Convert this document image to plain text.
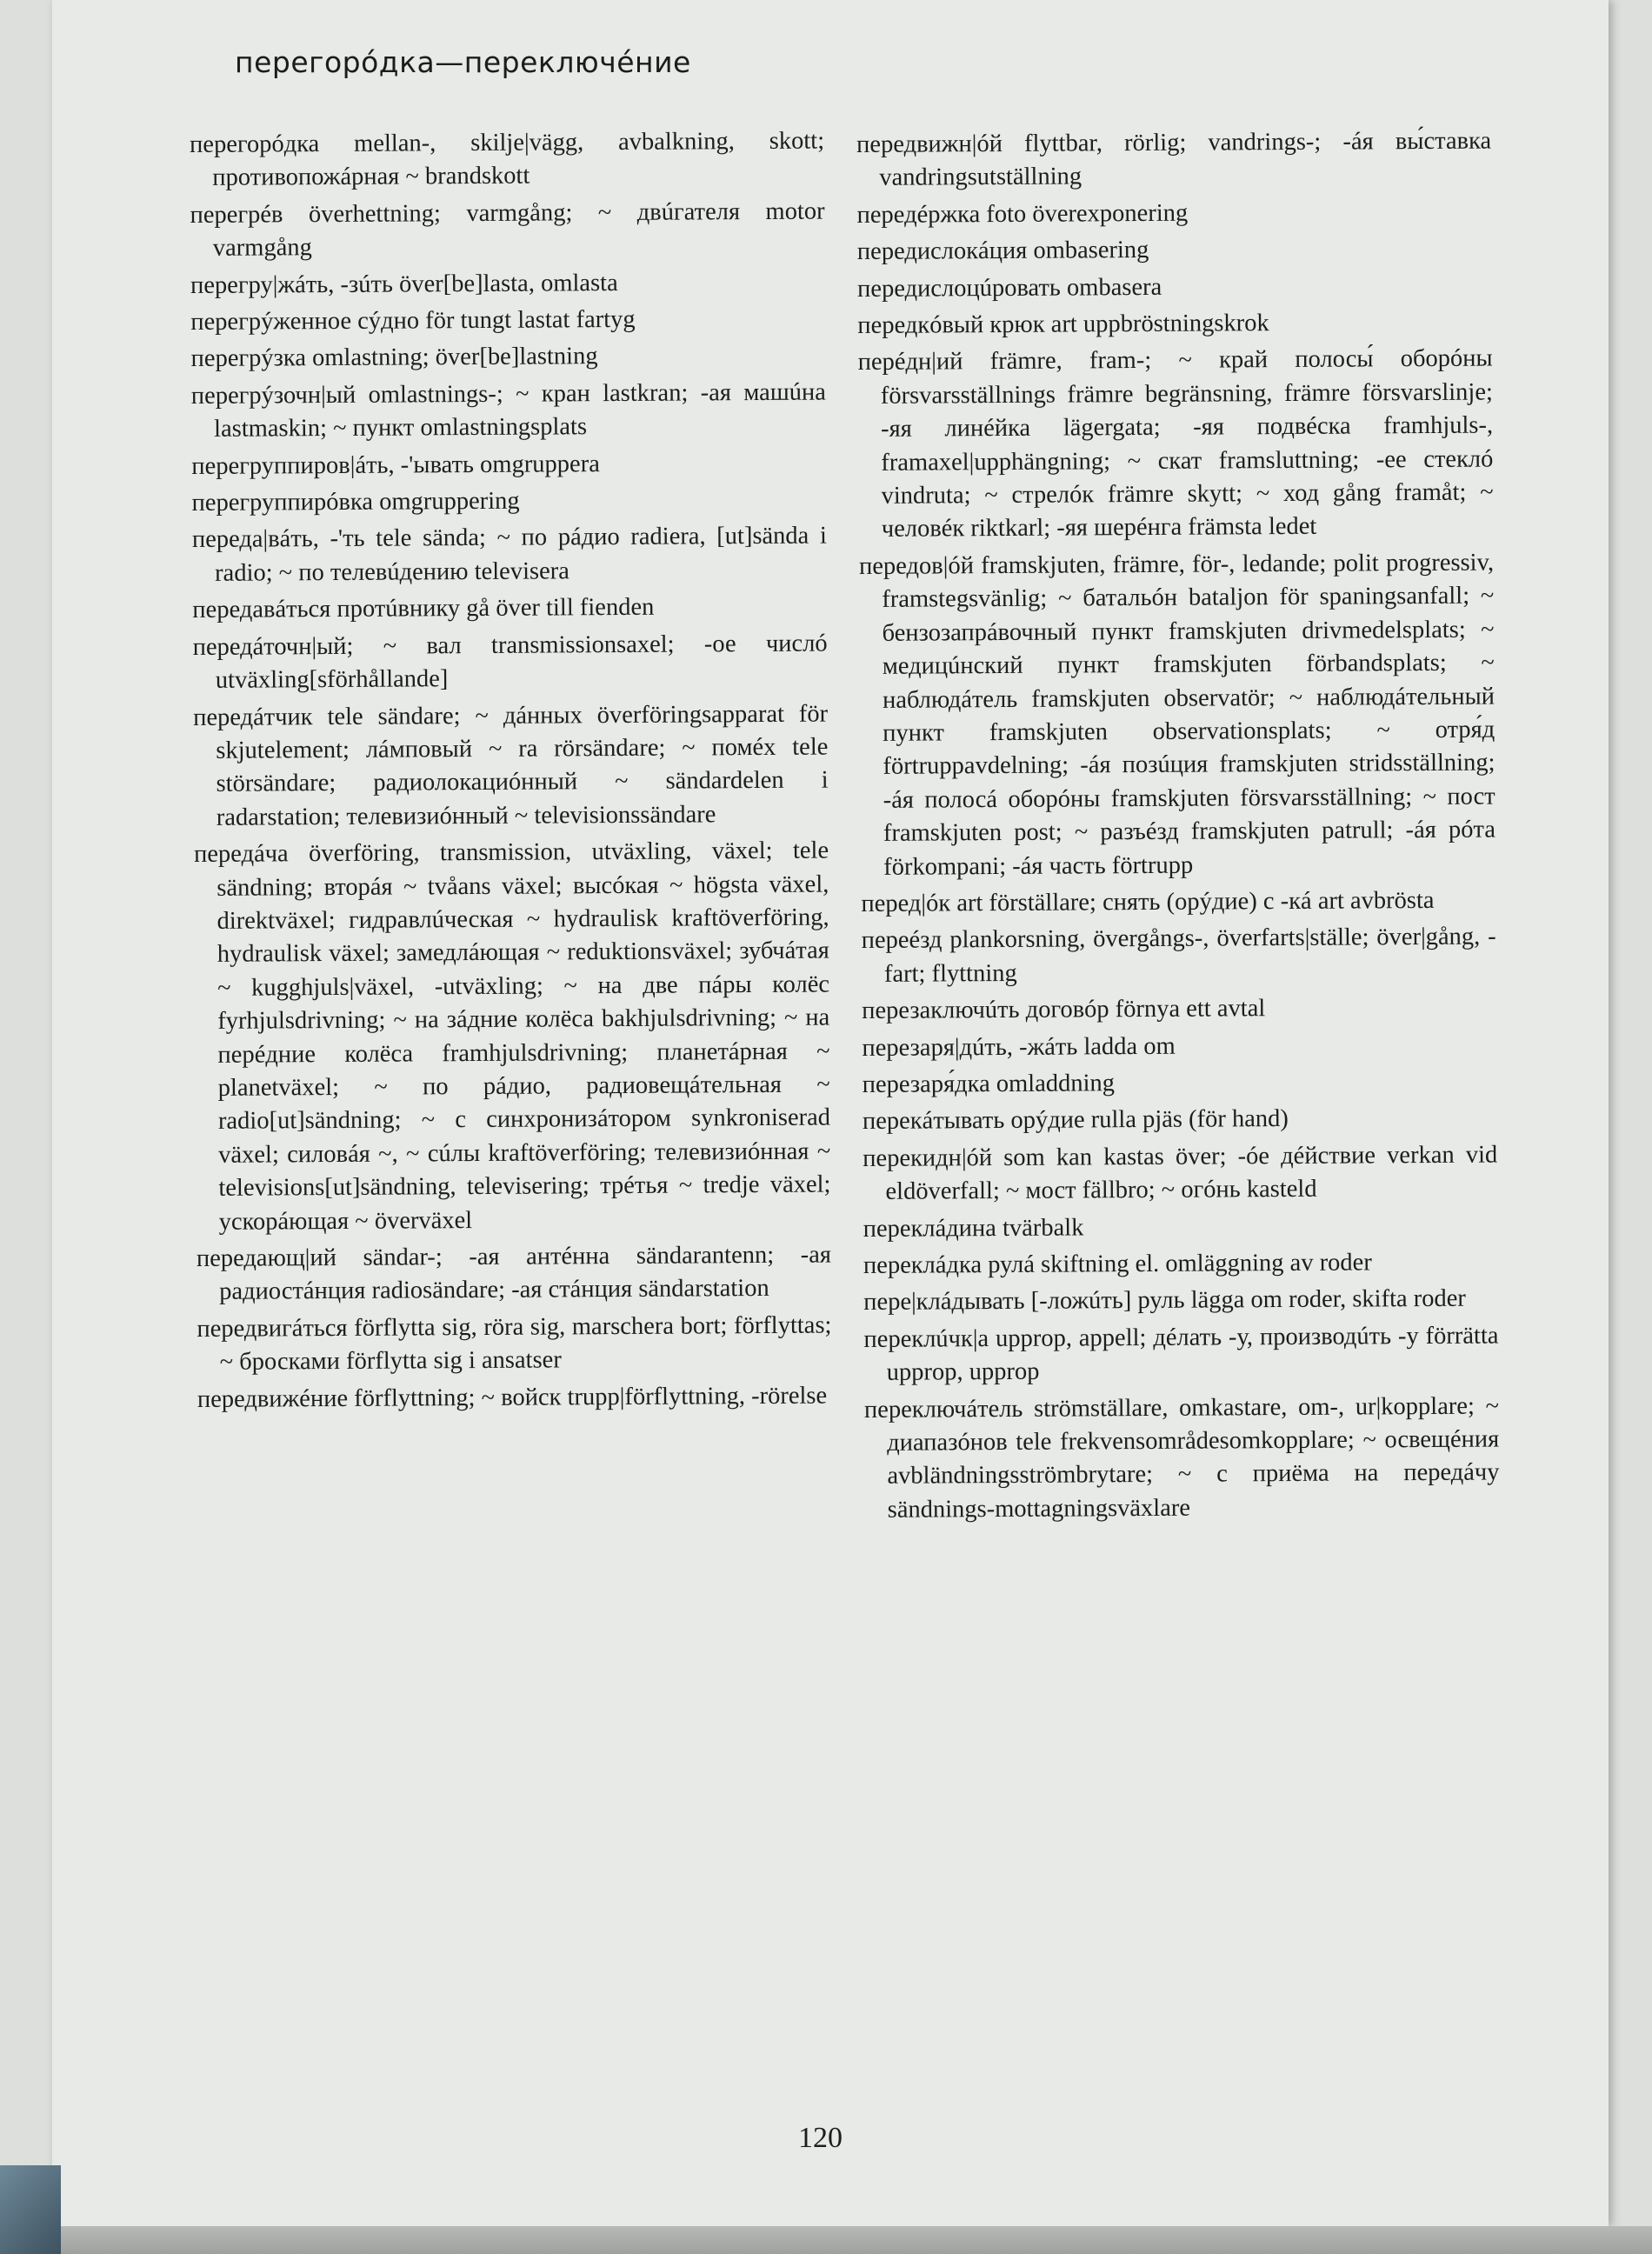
перегорóдка—переключéние

перегорóдка mellan-, skilje|vägg, avbalkning, skott; противопожáрная ~ brandskott

перегрéв överhettning; varmgång; ~ двúгателя motor varmgång

перегру|жáть, -зúть över[be]lasta, omlasta

перегрýженное сýдно för tungt lastat fartyg

перегрýзка omlastning; över[be]lastning

перегрýзочн|ый omlastnings-; ~ кран lastkran; -ая машúна lastmaskin; ~ пункт omlastningsplats

перегруппиров|áть, -'ывать omgruppera

перегруппирóвка omgruppering

переда|вáть, -'ть tele sända; ~ по рáдио radiera, [ut]sända i radio; ~ по телевúдению televisera

передавáться протúвнику gå över till fienden

передáточн|ый; ~ вал transmissionsaxel; -ое числó utväxling[sförhållande]

передáтчик tele sändare; ~ дáнных överföringsapparat för skjutelement; лáмповый ~ ra rörsändare; ~ помéх tele störsändare; радиолокациóнный ~ sändardelen i radarstation; телевизиóнный ~ televisionssändare

передáча överföring, transmission, utväxling, växel; tele sändning; вторáя ~ tvåans växel; высóкая ~ högsta växel, direktväxel; гидравлúческая ~ hydraulisk kraftöverföring, hydraulisk växel; замедлáющая ~ reduktionsväxel; зубчáтая ~ kugghjuls|växel, -utväxling; ~ на две пáры колёс fyrhjulsdrivning; ~ на зáдние колёса bakhjulsdrivning; ~ на перéдние колёса framhjulsdrivning; планетáрная ~ planetväxel; ~ по рáдио, радиовещáтельная ~ radio[ut]sändning; ~ с синхронизáтором synkroniserad växel; силовáя ~, ~ сúлы kraftöverföring; телевизиóнная ~ televisions[ut]sändning, televisering; трéтья ~ tredje växel; ускорáющая ~ överväxel

передающ|ий sändar-; -ая антéнна sändarantenn; -ая радиостáнция radiosändare; -ая стáнция sändarstation

передвигáться förflytta sig, röra sig, marschera bort; förflyttas; ~ бросками förflytta sig i ansatser

передвижéние förflyttning; ~ войск trupp|förflyttning, -rörelse

передвижн|óй flyttbar, rörlig; vandrings-; -áя вы́ставка vandringsutställning

передéржка foto överexponering

передислокáция ombasering

передислоцúровать ombasera

передкóвый крюк art uppbröstningskrok

перéдн|ий främre, fram-; ~ край полосы́ оборóны försvarsställnings främre begränsning, främre försvarslinje; -яя линéйка lägergata; -яя подвéска framhjuls-, framaxel|upphängning; ~ скат framsluttning; -ее стеклó vindruta; ~ стрелóк främre skytt; ~ ход gång framåt; ~ человéк riktkarl; -яя шерéнга främsta ledet

передов|óй framskjuten, främre, för-, ledande; polit progressiv, framstegsvänlig; ~ батальóн bataljon för spaningsanfall; ~ бензозапрáвочный пункт framskjuten drivmedelsplats; ~ медицúнский пункт framskjuten förbandsplats; ~ наблюдáтель framskjuten observatör; ~ наблюдáтельный пункт framskjuten observationsplats; ~ отря́д förtruppavdelning; -áя позúция framskjuten stridsställning; -áя полосá оборóны framskjuten försvarsställning; ~ пост framskjuten post; ~ разъéзд framskjuten patrull; -áя рóта förkompani; -áя часть förtrupp

перед|óк art förställare; снять (орýдие) с -кá art avbrösta

переéзд plankorsning, övergångs-, överfarts|ställe; över|gång, -fart; flyttning

перезаключúть договóр förnya ett avtal

перезаря|дúть, -жáть ladda om

перезаря́дка omladdning

перекáтывать орýдие rulla pjäs (för hand)

перекидн|óй som kan kastas över; -óе дéйствие verkan vid eldöverfall; ~ мост fällbro; ~ огóнь kasteld

переклáдина tvärbalk

переклáдка рулá skiftning el. omläggning av roder

пере|клáдывать [-ложúть] руль lägga om roder, skifta roder

переклúчк|а upprop, appell; дéлать -у, производúть -у förrätta upprop, upprop

переключáтель strömställare, omkastare, om-, ur|kopplare; ~ диапазóнов tele frekvensområdesomkopplare; ~ освещéния avbländningsströmbrytare; ~ с приёма на передáчу sändnings-mottagningsväxlare

120
